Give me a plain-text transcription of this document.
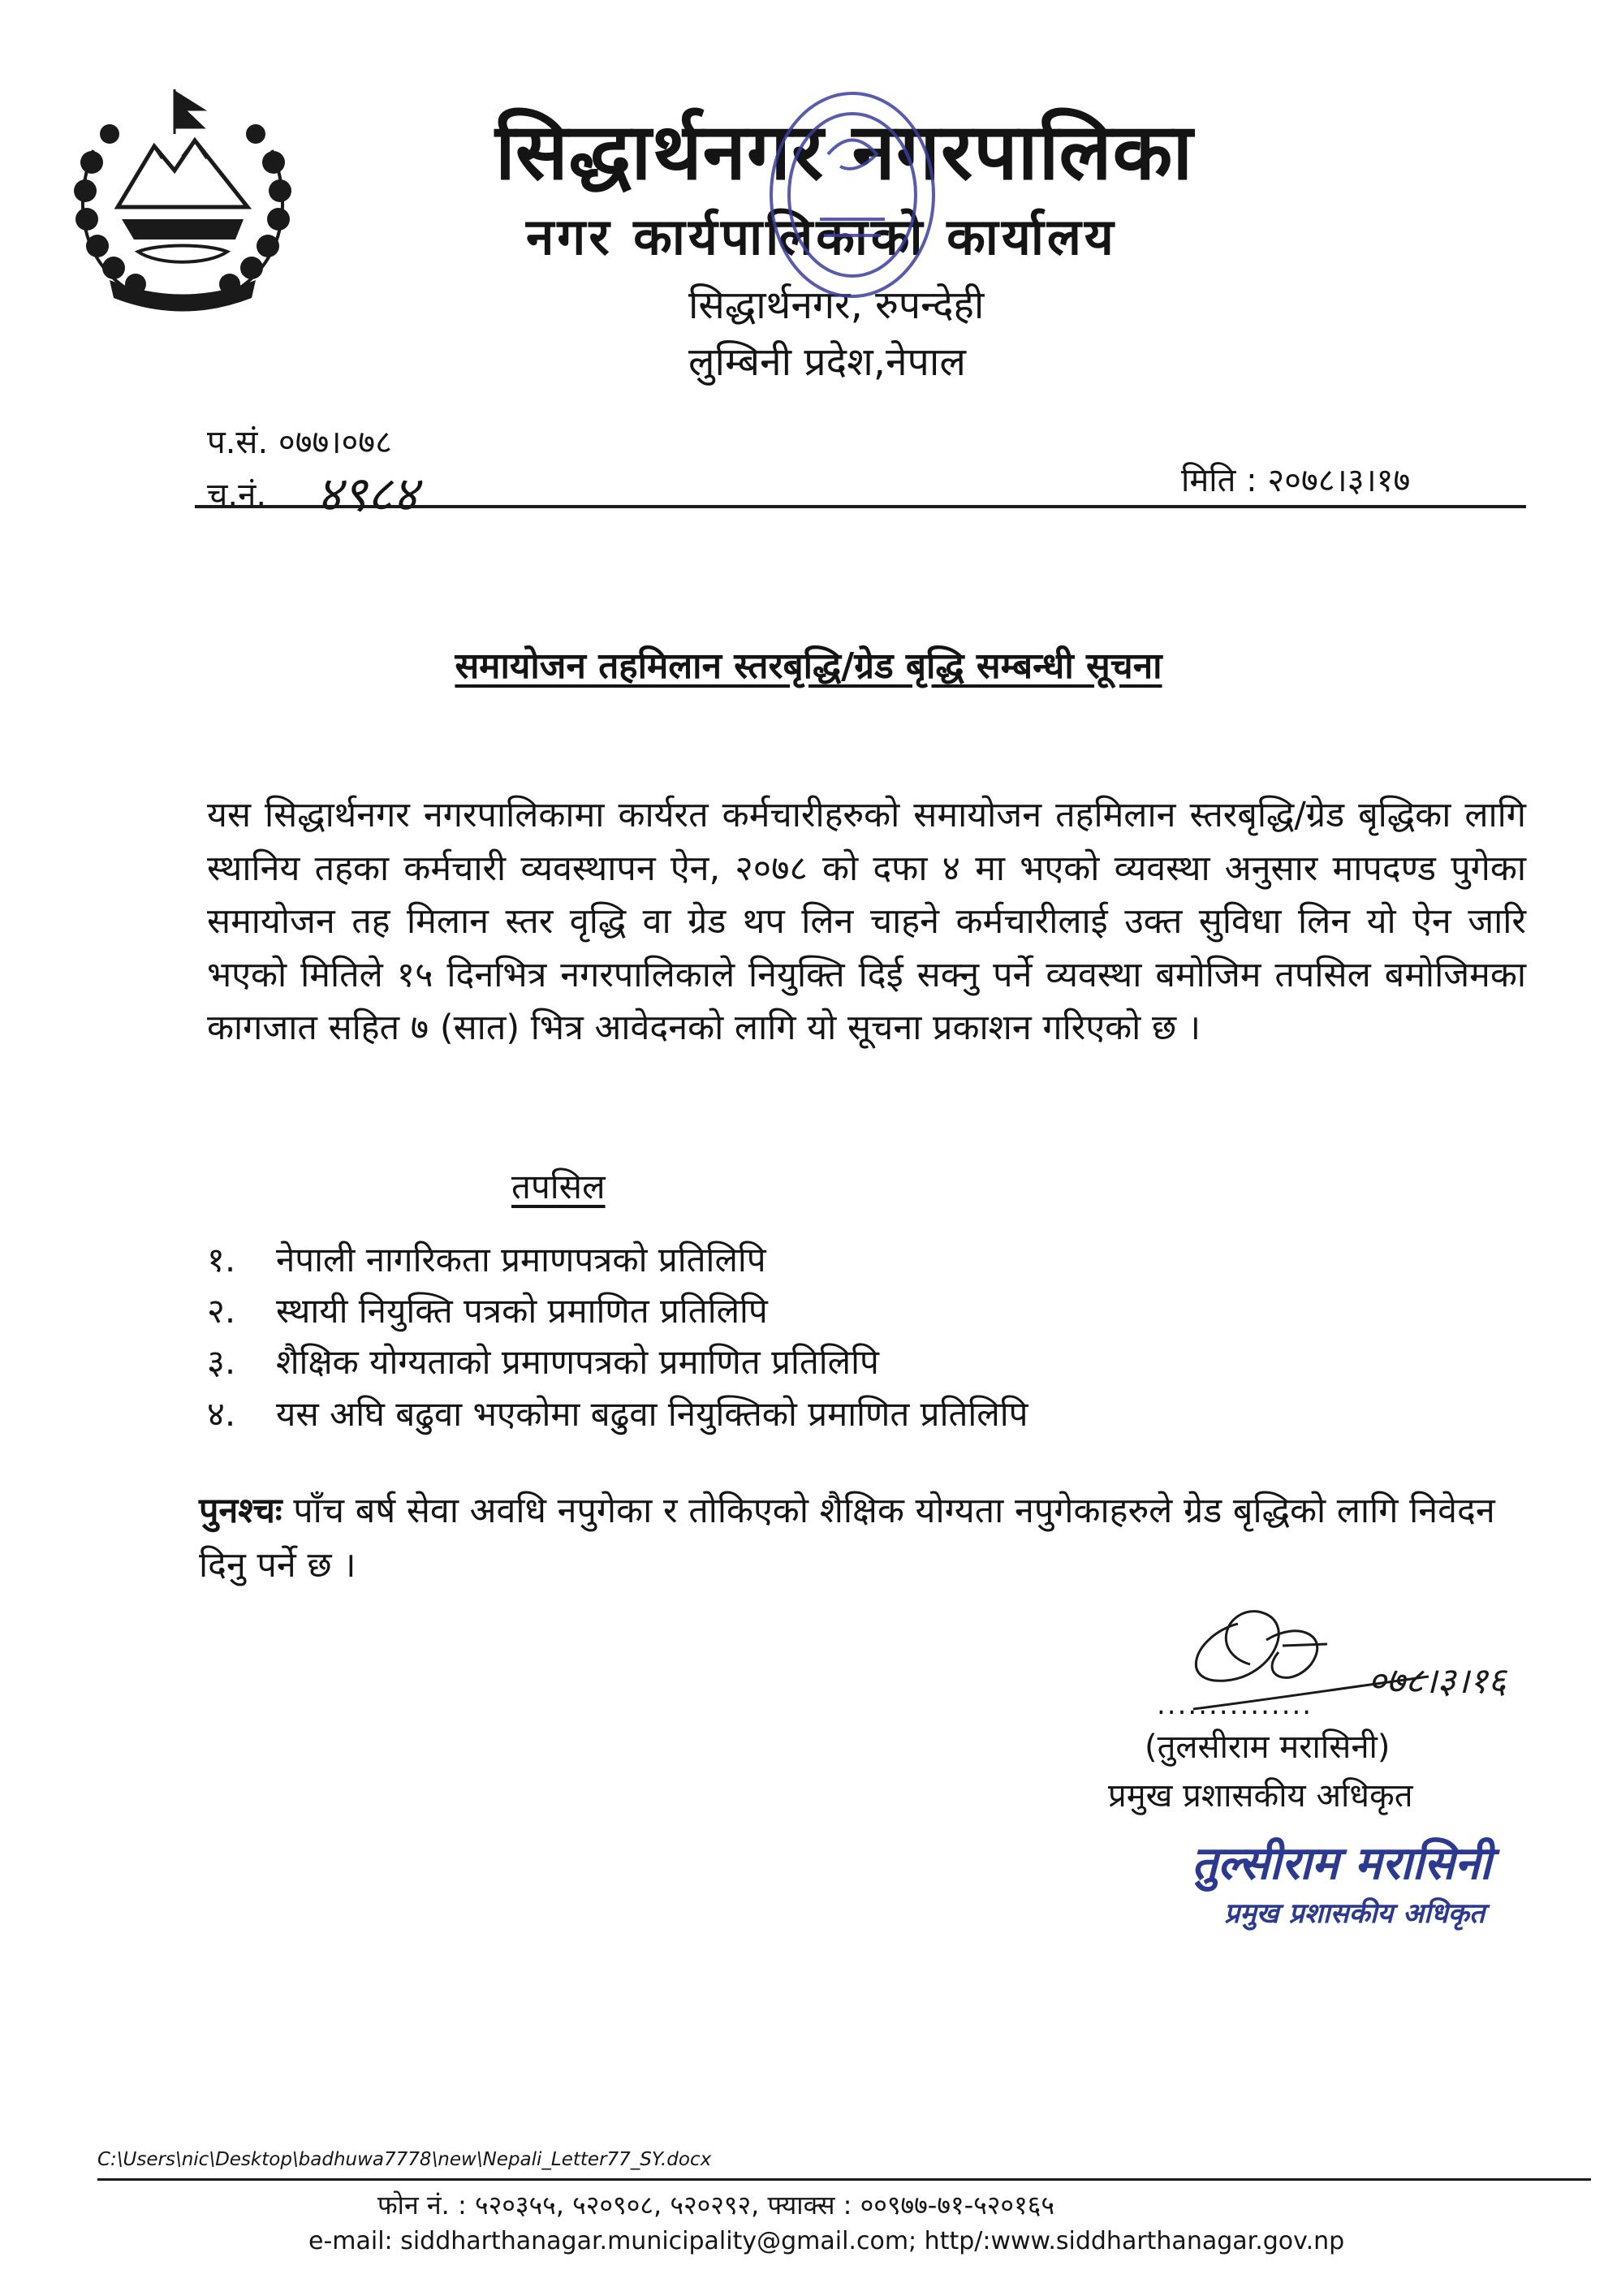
सिद्धार्थनगर नगरपालिका
नगर कार्यपालिकाको कार्यालय
सिद्धार्थनगर, रुपन्देही
लुम्बिनी प्रदेश,नेपाल
प.सं. ०७७।०७८
च.नं. ४९८४	मिति : २०७८।३।१७
समायोजन तहमिलान स्तरबृद्धि/ग्रेड बृद्धि सम्बन्धी सूचना
यस सिद्धार्थनगर नगरपालिकामा कार्यरत कर्मचारीहरुको समायोजन तहमिलान स्तरबृद्धि/ग्रेड बृद्धिका लागि स्थानिय तहका कर्मचारी व्यवस्थापन ऐन, २०७८ को दफा ४ मा भएको व्यवस्था अनुसार मापदण्ड पुगेका समायोजन तह मिलान स्तर वृद्धि वा ग्रेड थप लिन चाहने कर्मचारीलाई उक्त सुविधा लिन यो ऐन जारि भएको मितिले १५ दिनभित्र नगरपालिकाले नियुक्ति दिई सक्नु पर्ने व्यवस्था बमोजिम तपसिल बमोजिमका कागजात सहित ७ (सात) भित्र आवेदनको लागि यो सूचना प्रकाशन गरिएको छ ।
तपसिल
१. नेपाली नागरिकता प्रमाणपत्रको प्रतिलिपि
२. स्थायी नियुक्ति पत्रको प्रमाणित प्रतिलिपि
३. शैक्षिक योग्यताको प्रमाणपत्रको प्रमाणित प्रतिलिपि
४. यस अघि बढुवा भएकोमा बढुवा नियुक्तिको प्रमाणित प्रतिलिपि
पुनश्चः पाँच बर्ष सेवा अवधि नपुगेका र तोकिएको शैक्षिक योग्यता नपुगेकाहरुले ग्रेड बृद्धिको लागि निवेदन दिनु पर्ने छ ।
०७८।३।१६
...............
(तुलसीराम मरासिनी)
प्रमुख प्रशासकीय अधिकृत
तुल्सीराम मरासिनी
प्रमुख प्रशासकीय अधिकृत
C:\Users\nic\Desktop\badhuwa7778\new\Nepali_Letter77_SY.docx
फोन नं. : ५२०३५५, ५२०९०८, ५२०२९२, फ्याक्स : ००९७७-७१-५२०१६५
e-mail: siddharthanagar.municipality@gmail.com; http/:www.siddharthanagar.gov.np
